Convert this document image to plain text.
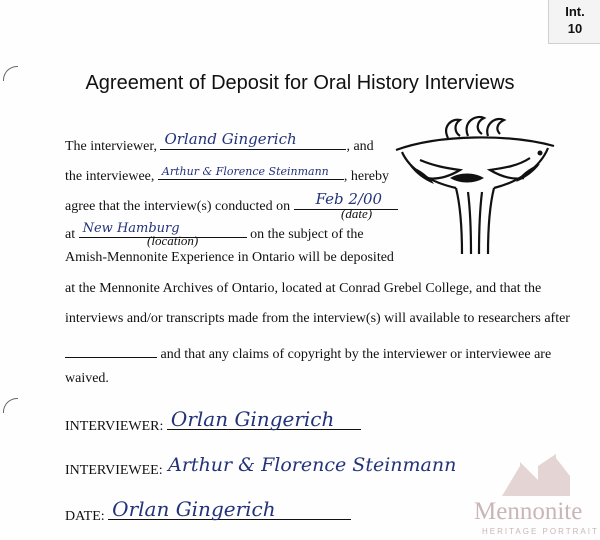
Int.
10
Agreement of Deposit for Oral History Interviews
The interviewer, Orland Gingerich	, and
the interviewee, Arthur & Florence Steinmann , hereby
agree that the interview(s) conducted on Feb 2/00
(date)
at New Hamburg	on the subject of the
(location)
Amish-Mennonite Experience in Ontario will be deposited
at the Mennonite Archives of Ontario, located at Conrad Grebel College, and that the
interviews and/or transcripts made from the interview(s) will available to researchers after
and that any claims of copyright by the interviewer or interviewee are
waived.
INTERVIEWER: Orlan Gingerich
INTERVIEWEE: Arthur & Florence Steinmann
DATE: Orlan Gingerich	Mennonite
HERITAGE PORTRAIT
